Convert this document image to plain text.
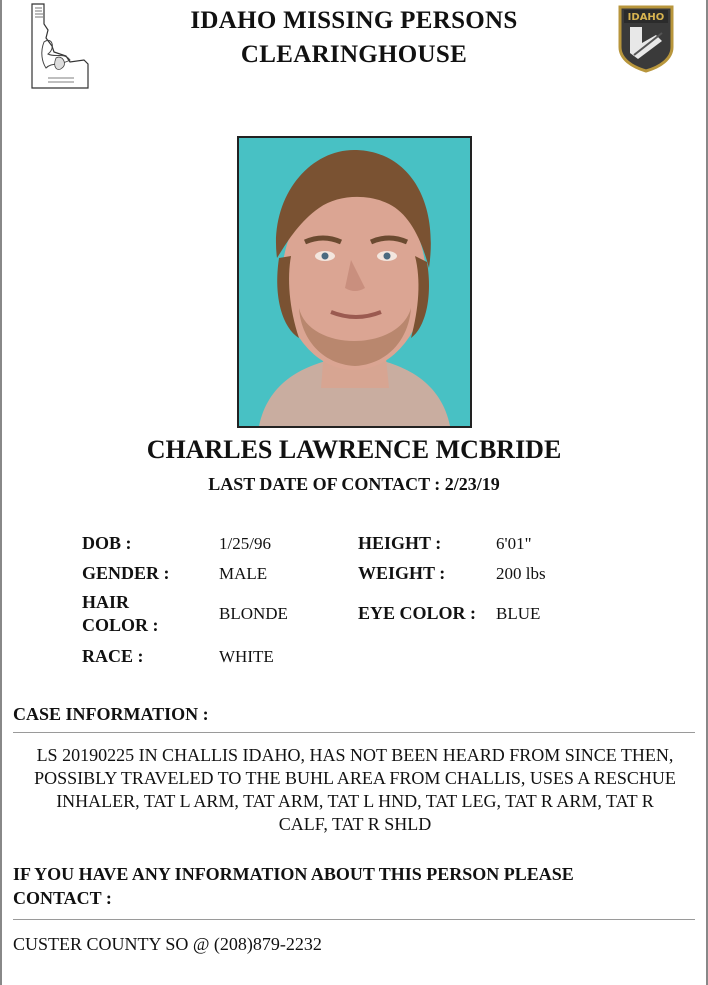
IDAHO MISSING PERSONS
CLEARINGHOUSE
IDAHO
CHARLES LAWRENCE MCBRIDE
LAST DATE OF CONTACT : 2/23/19
DOB :	1/25/96	HEIGHT :	6'01"
GENDER :	MALE	WEIGHT :	200 lbs
HAIR
COLOR :
BLONDE	EYE COLOR : BLUE
RACE :	WHITE
CASE INFORMATION :
LS 20190225 IN CHALLIS IDAHO, HAS NOT BEEN HEARD FROM SINCE THEN,
POSSIBLY TRAVELED TO THE BUHL AREA FROM CHALLIS, USES A RESCHUE
INHALER, TAT L ARM, TAT ARM, TAT L HND, TAT LEG, TAT R ARM, TAT R
CALF, TAT R SHLD
IF YOU HAVE ANY INFORMATION ABOUT THIS PERSON PLEASE
CONTACT :
CUSTER COUNTY SO @ (208)879-2232
